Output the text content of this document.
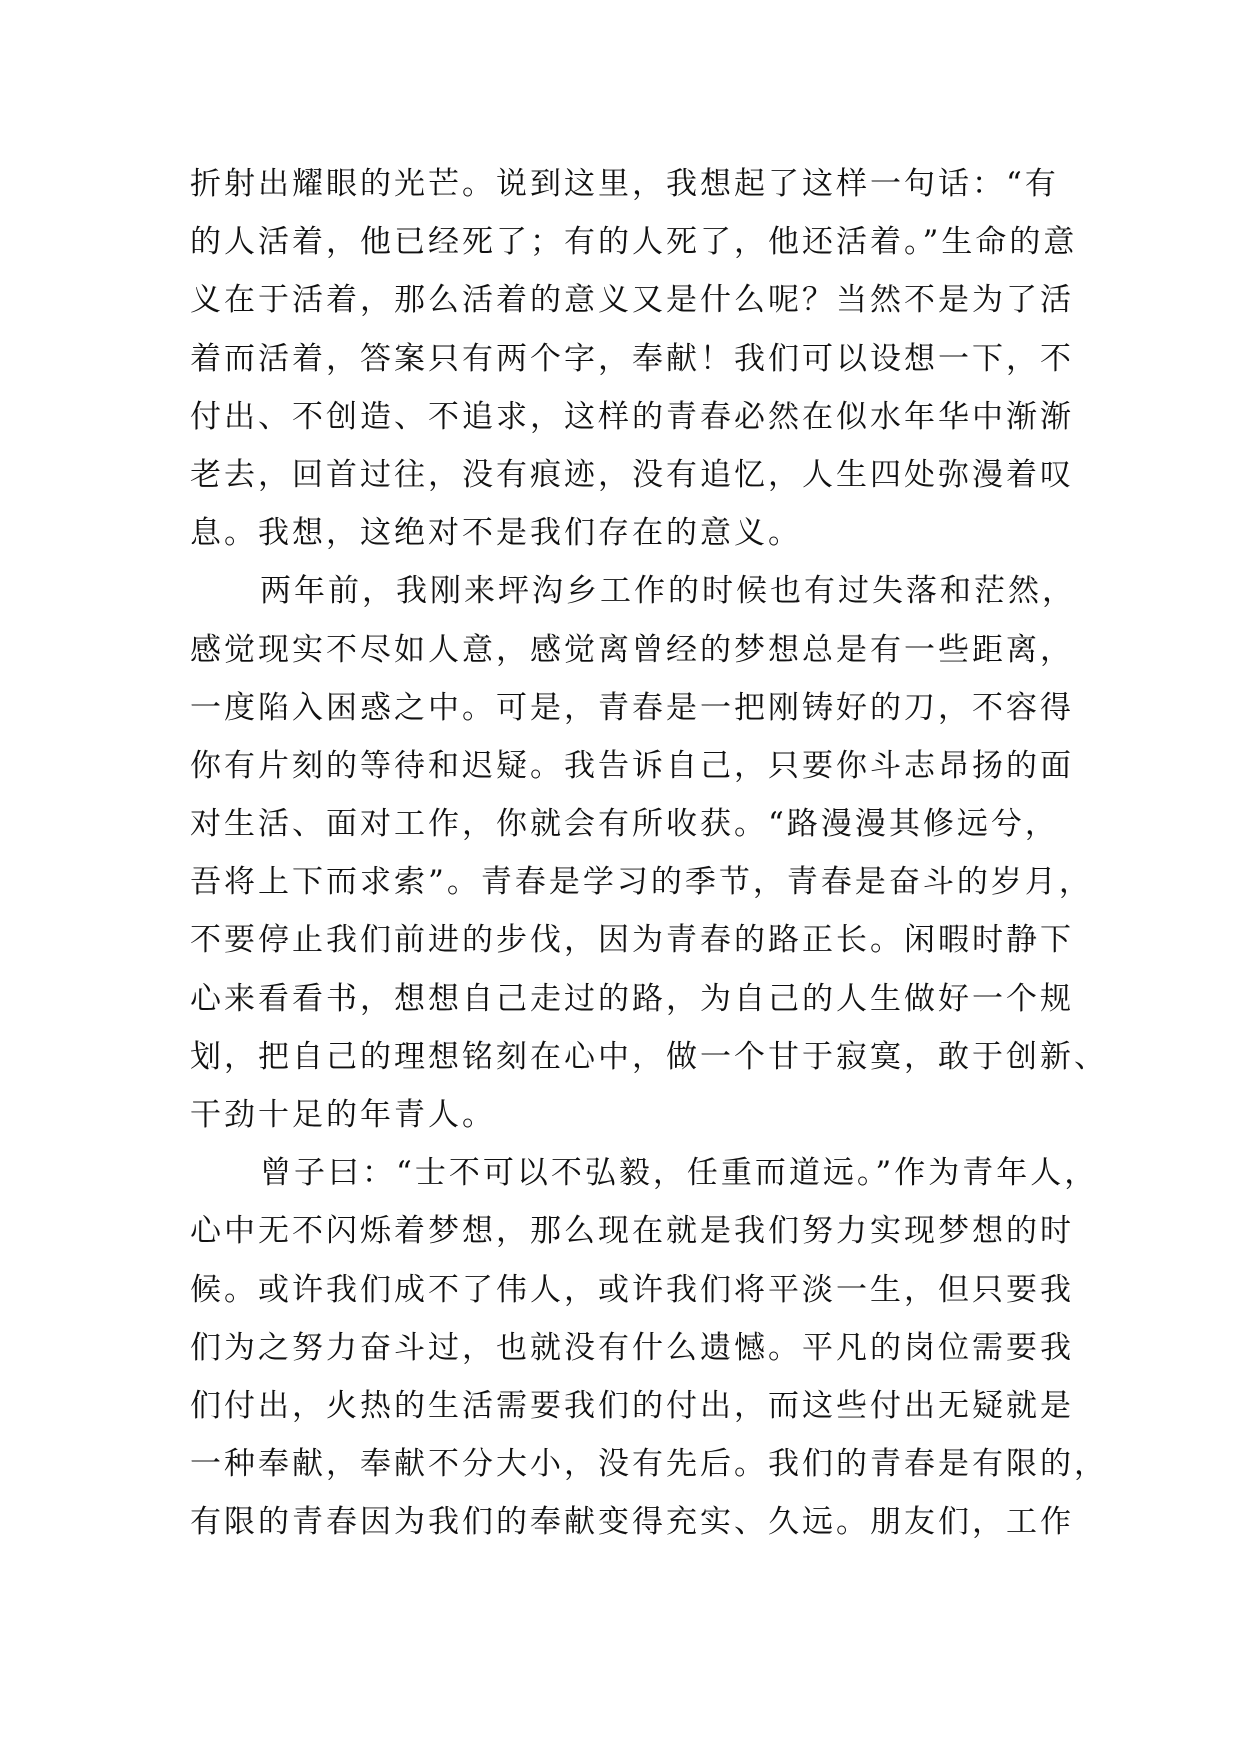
折射出耀眼的光芒。说到这里，我想起了这样一句话：“有
的人活着，他已经死了；有的人死了，他还活着。”生命的意
义在于活着，那么活着的意义又是什么呢？当然不是为了活
着而活着，答案只有两个字，奉献！我们可以设想一下，不
付出、不创造、不追求，这样的青春必然在似水年华中渐渐
老去，回首过往，没有痕迹，没有追忆，人生四处弥漫着叹
息。我想，这绝对不是我们存在的意义。
两年前，我刚来坪沟乡工作的时候也有过失落和茫然，
感觉现实不尽如人意，感觉离曾经的梦想总是有一些距离，
一度陷入困惑之中。可是，青春是一把刚铸好的刀，不容得
你有片刻的等待和迟疑。我告诉自己，只要你斗志昂扬的面
对生活、面对工作，你就会有所收获。“路漫漫其修远兮，
吾将上下而求索”。青春是学习的季节，青春是奋斗的岁月，
不要停止我们前进的步伐，因为青春的路正长。闲暇时静下
心来看看书，想想自己走过的路，为自己的人生做好一个规
划，把自己的理想铭刻在心中，做一个甘于寂寞，敢于创新、
干劲十足的年青人。
曾子曰：“士不可以不弘毅，任重而道远。”作为青年人，
心中无不闪烁着梦想，那么现在就是我们努力实现梦想的时
候。或许我们成不了伟人，或许我们将平淡一生，但只要我
们为之努力奋斗过，也就没有什么遗憾。平凡的岗位需要我
们付出，火热的生活需要我们的付出，而这些付出无疑就是
一种奉献，奉献不分大小，没有先后。我们的青春是有限的，
有限的青春因为我们的奉献变得充实、久远。朋友们，工作
